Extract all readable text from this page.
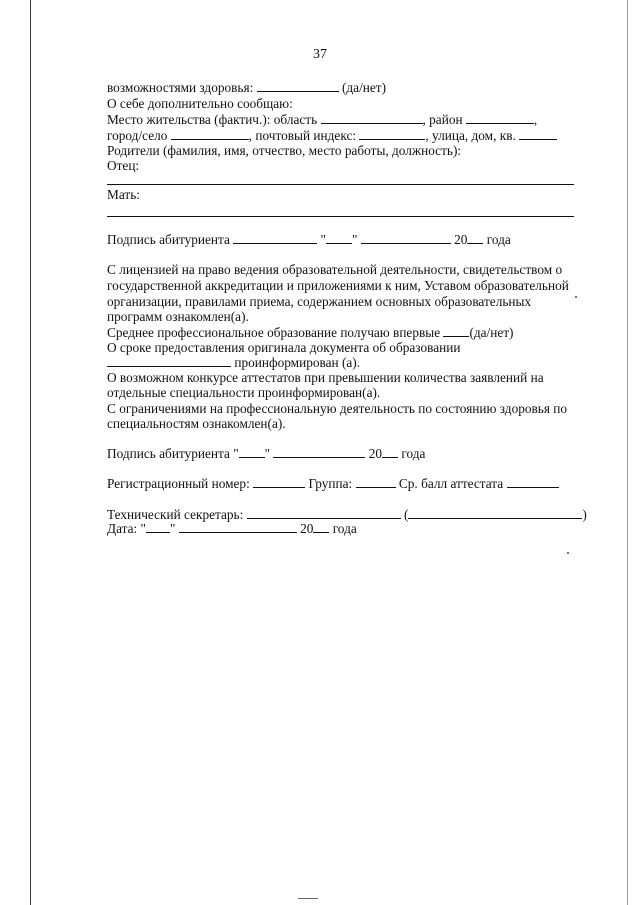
37
возможностями здоровья:	(да/нет)
О себе дополнительно сообщаю:
Место жительства (фактич.): область	, район	,
город/село	, почтовый индекс:	, улица, дом, кв.
Родители (фамилия, имя, отчество, место работы, должность):
Отец:
Мать:
Подпись абитуриента	" "	20 года
С лицензией на право ведения образовательной деятельности, свидетельством о
государственной аккредитации и приложениями к ним, Уставом образовательной
организации, правилами приема, содержанием основных образовательных
программ ознакомлен(а).
Среднее профессиональное образование получаю впервые (да/нет)
О сроке предоставления оригинала документа об образовании
проинформирован (а).
О возможном конкурсе аттестатов при превышении количества заявлений на
отдельные специальности проинформирован(а).
С ограничениями на профессиональную деятельность по состоянию здоровья по
специальностям ознакомлен(а).
Подпись абитуриента " "	20 года
Регистрационный номер:	Группа:	Ср. балл аттестата
Технический секретарь:	(	)
Дата: " "	20 года
